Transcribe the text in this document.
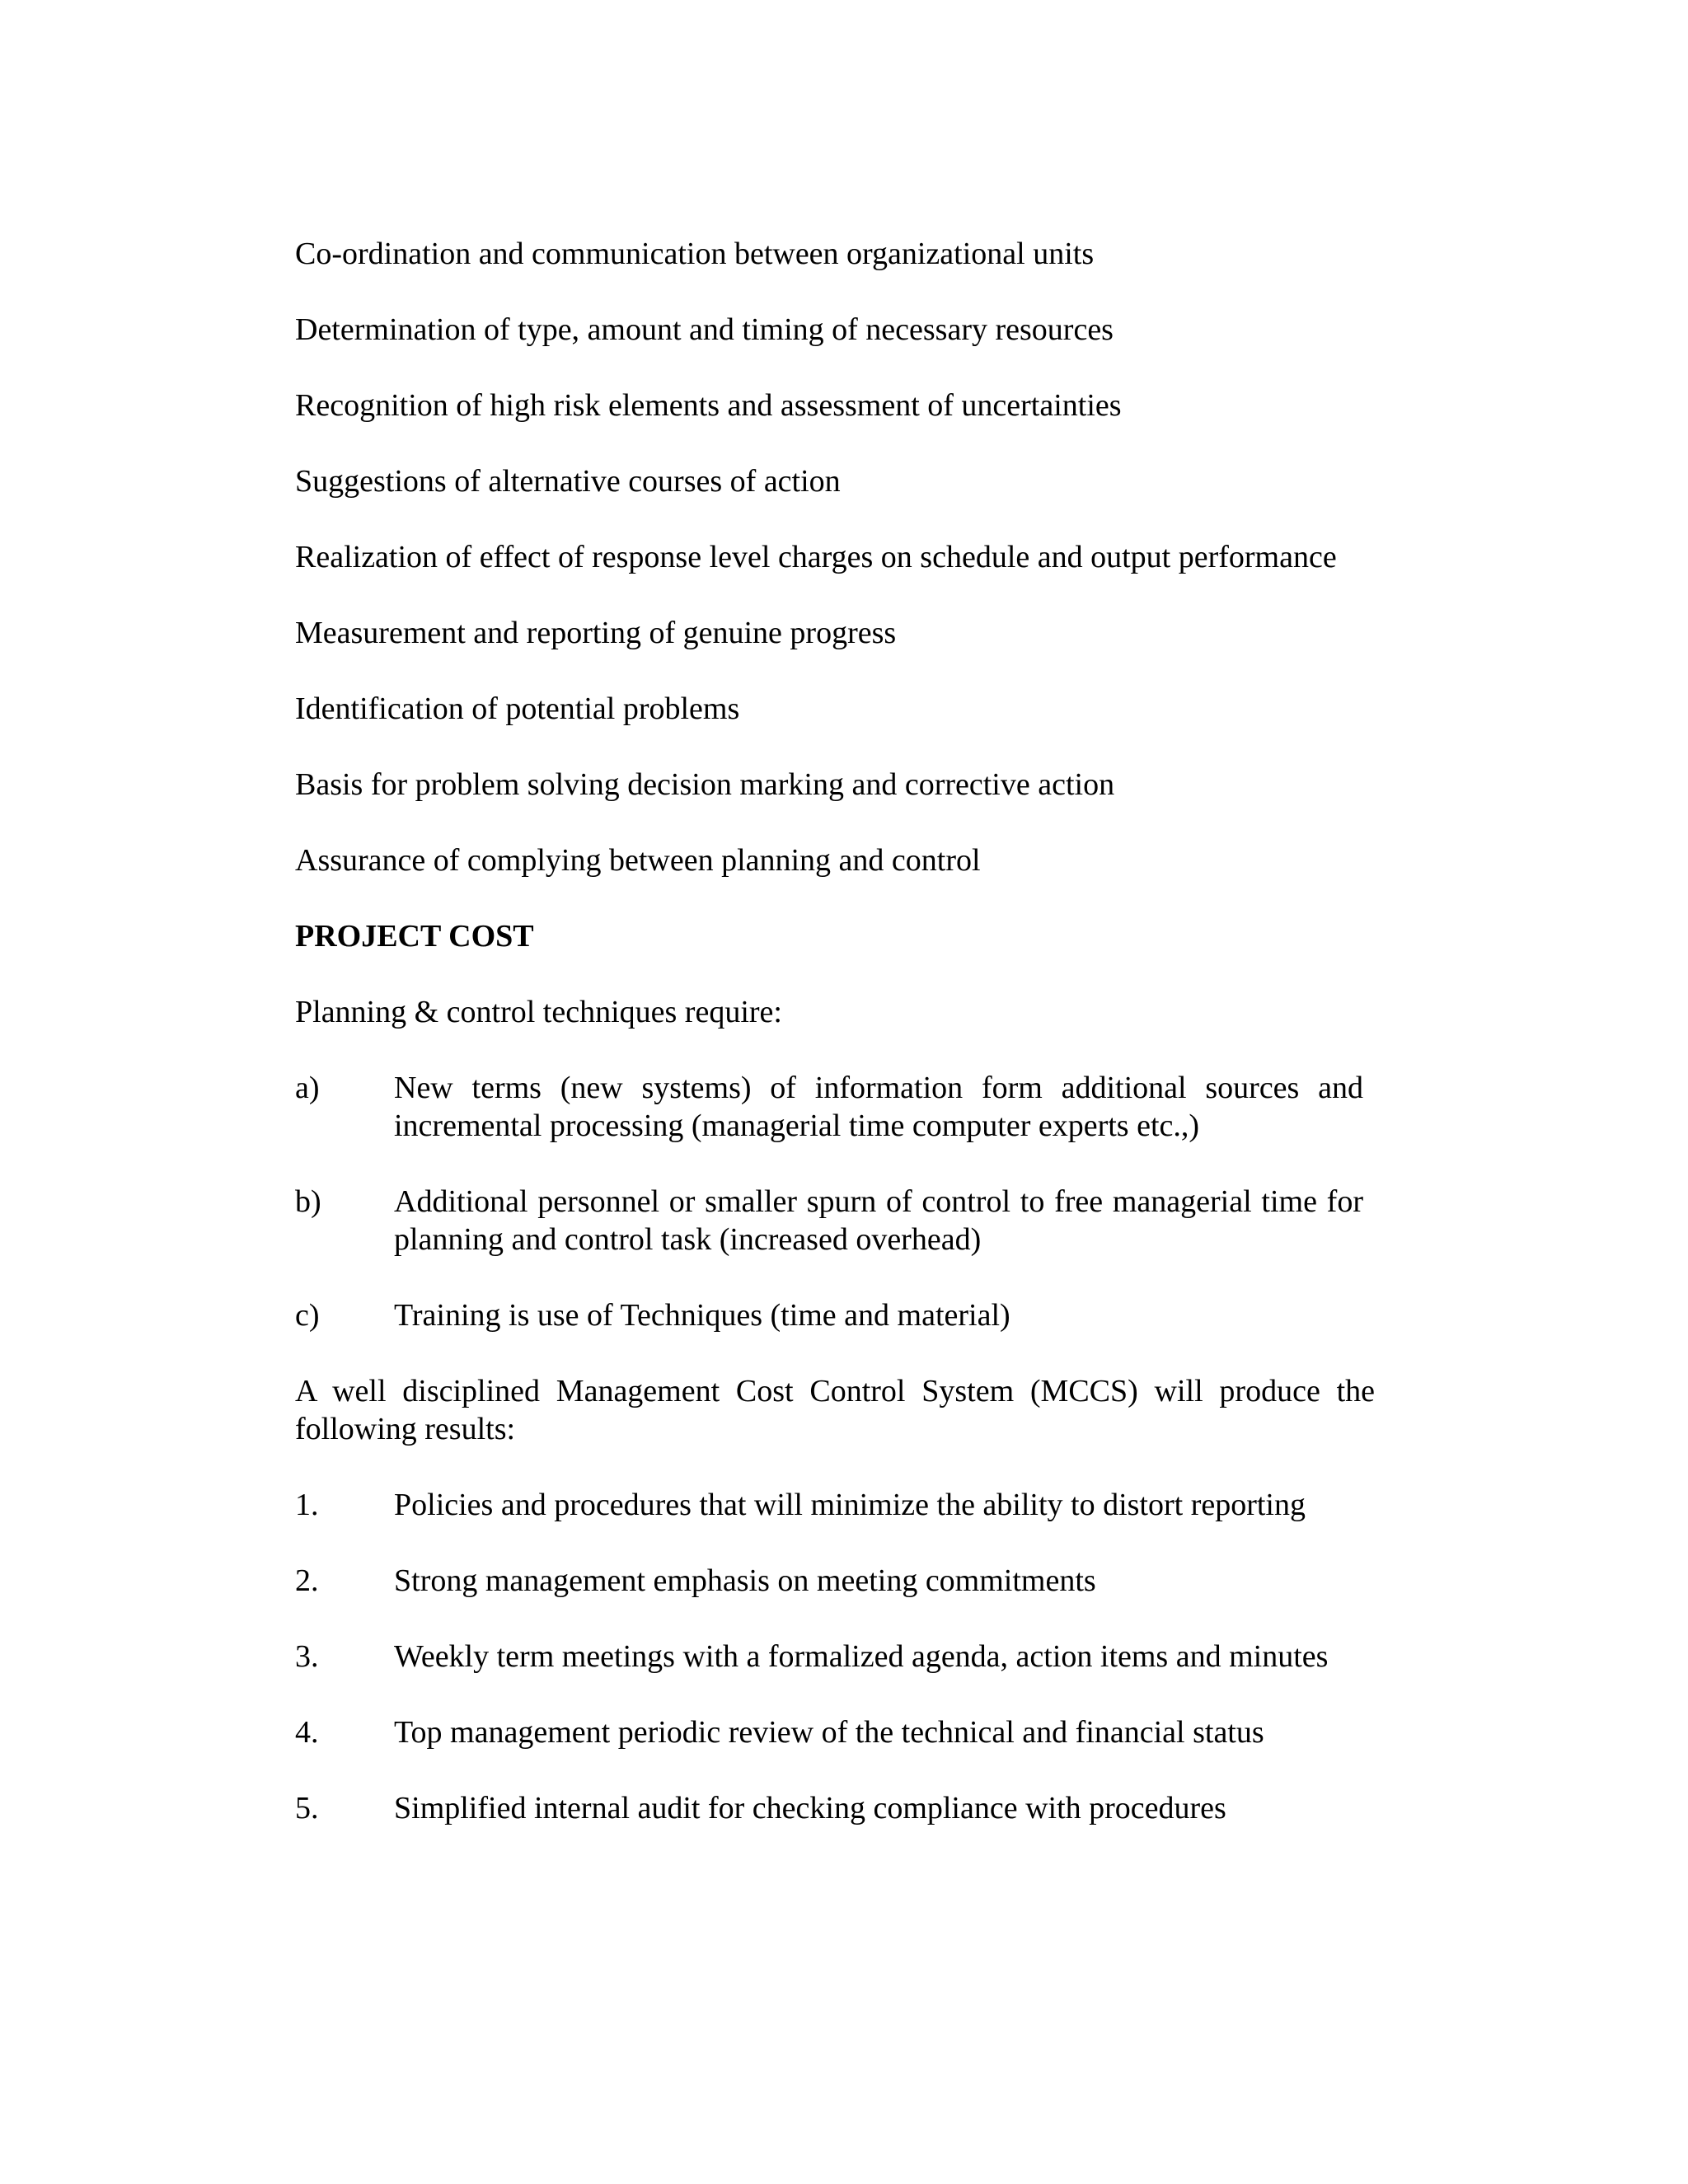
Co-ordination and communication between organizational units

Determination of type, amount and timing of necessary resources

Recognition of high risk elements and assessment of uncertainties

Suggestions of alternative courses of action

Realization of effect of response level charges on schedule and output performance

Measurement and reporting of genuine progress

Identification of potential problems

Basis for problem solving decision marking and corrective action

Assurance of complying between planning and control

PROJECT COST

Planning & control techniques require:

a)	New terms (new systems) of information form additional sources and incremental processing (managerial time computer experts etc.,)
b)	Additional personnel or smaller spurn of control to free managerial time for planning and control task (increased overhead)
c)	Training is use of Techniques (time and material)

A well disciplined Management Cost Control System (MCCS) will produce the following results:

1.	Policies and procedures that will minimize the ability to distort reporting
2.	Strong management emphasis on meeting commitments
3.	Weekly term meetings with a formalized agenda, action items and minutes
4.	Top management periodic review of the technical and financial status
5.	Simplified internal audit for checking compliance with procedures
